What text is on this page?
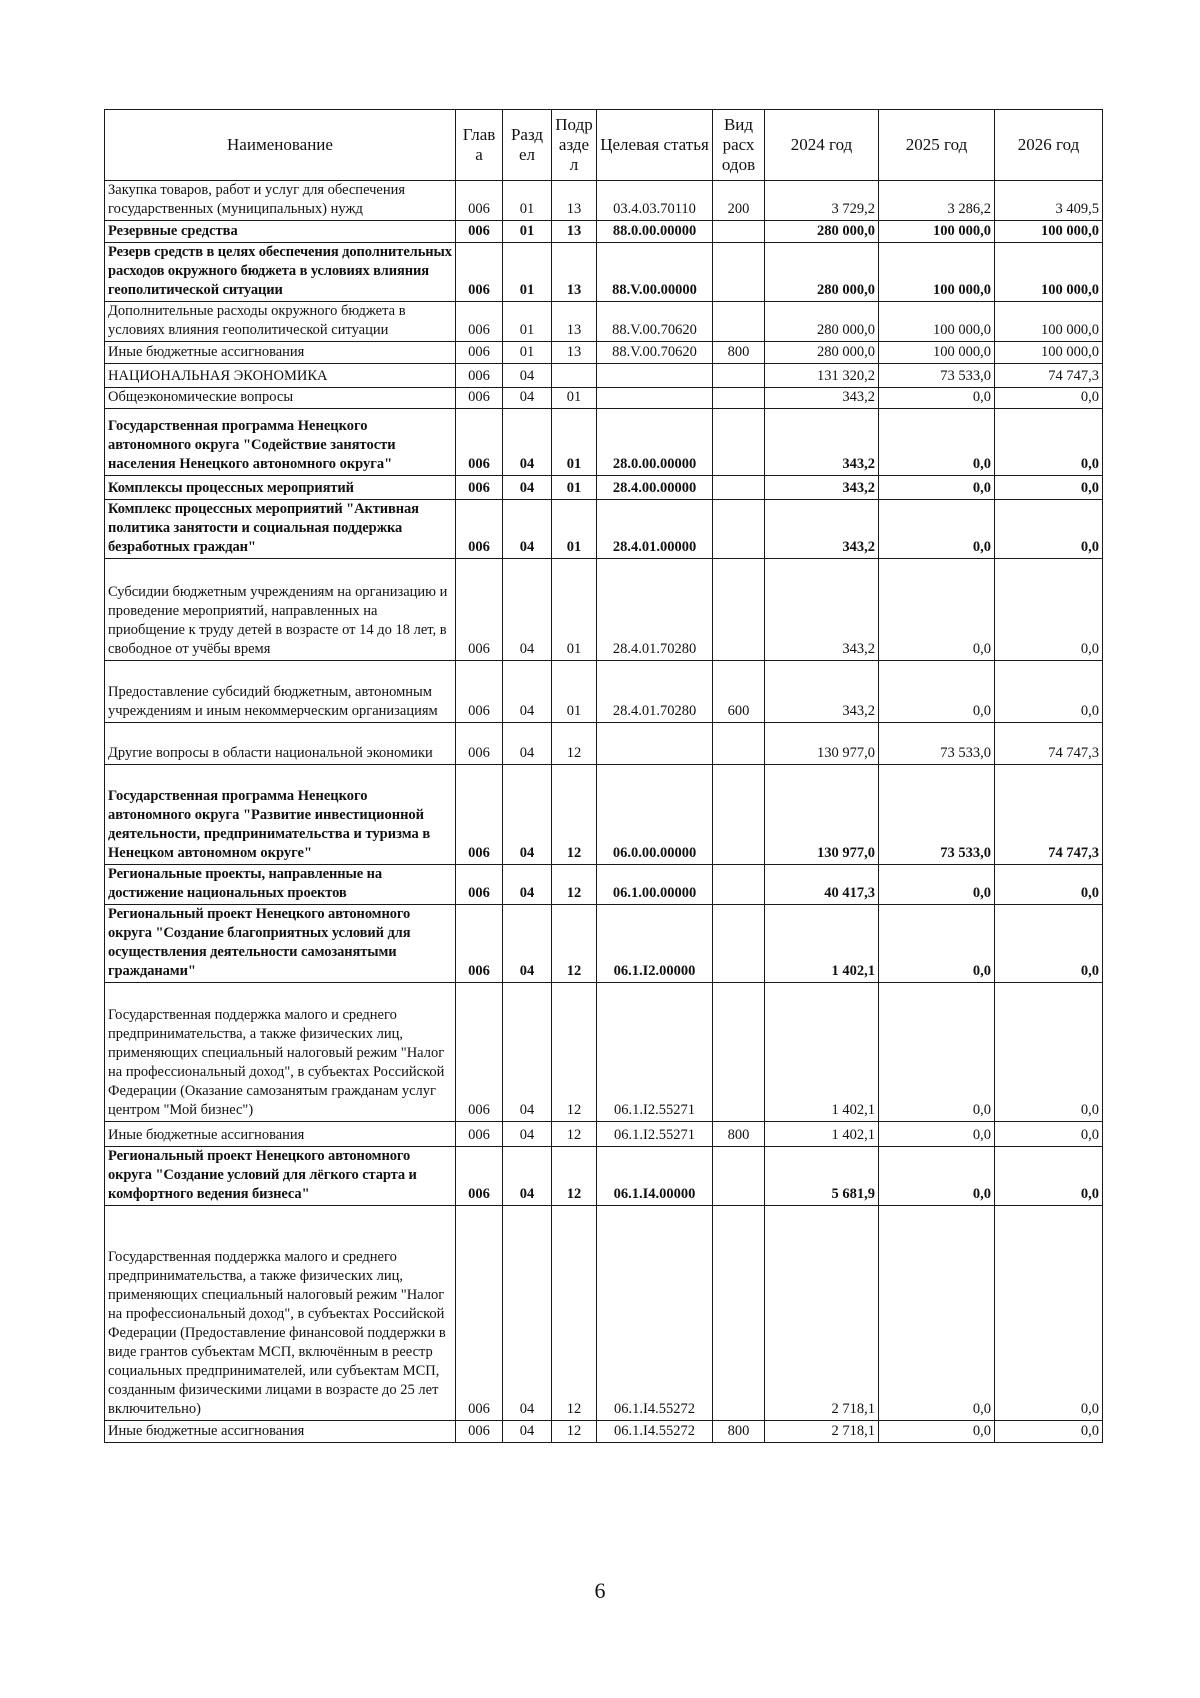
Наименование	Глав а	Разд ел	Подр азде л	Целевая статья	Вид расх одов	2024 год	2025 год	2026 год
Закупка товаров, работ и услуг для обеспечения государственных (муниципальных) нужд	006	01	13	03.4.03.70110	200	3 729,2	3 286,2	3 409,5
Резервные средства	006	01	13	88.0.00.00000		280 000,0	100 000,0	100 000,0
Резерв средств в целях обеспечения дополнительных расходов окружного бюджета в условиях влияния геополитической ситуации	006	01	13	88.V.00.00000		280 000,0	100 000,0	100 000,0
Дополнительные расходы окружного бюджета в условиях влияния геополитической ситуации	006	01	13	88.V.00.70620		280 000,0	100 000,0	100 000,0
Иные бюджетные ассигнования	006	01	13	88.V.00.70620	800	280 000,0	100 000,0	100 000,0
НАЦИОНАЛЬНАЯ ЭКОНОМИКА	006	04				131 320,2	73 533,0	74 747,3
Общеэкономические вопросы	006	04	01			343,2	0,0	0,0
Государственная программа Ненецкого автономного округа "Содействие занятости населения Ненецкого автономного округа"	006	04	01	28.0.00.00000		343,2	0,0	0,0
Комплексы процессных мероприятий	006	04	01	28.4.00.00000		343,2	0,0	0,0
Комплекс процессных мероприятий "Активная политика занятости и социальная поддержка безработных граждан"	006	04	01	28.4.01.00000		343,2	0,0	0,0
Субсидии бюджетным учреждениям на организацию и проведение мероприятий, направленных на приобщение к труду детей в возрасте от 14 до 18 лет, в свободное от учёбы время	006	04	01	28.4.01.70280		343,2	0,0	0,0
Предоставление субсидий бюджетным, автономным учреждениям и иным некоммерческим организациям	006	04	01	28.4.01.70280	600	343,2	0,0	0,0
Другие вопросы в области национальной экономики	006	04	12			130 977,0	73 533,0	74 747,3
Государственная программа Ненецкого автономного округа "Развитие инвестиционной деятельности, предпринимательства и туризма в Ненецком автономном округе"	006	04	12	06.0.00.00000		130 977,0	73 533,0	74 747,3
Региональные проекты, направленные на достижение национальных проектов	006	04	12	06.1.00.00000		40 417,3	0,0	0,0
Региональный проект Ненецкого автономного округа "Создание благоприятных условий для осуществления деятельности самозанятыми гражданами"	006	04	12	06.1.I2.00000		1 402,1	0,0	0,0
Государственная поддержка малого и среднего предпринимательства, а также физических лиц, применяющих специальный налоговый режим "Налог на профессиональный доход", в субъектах Российской Федерации (Оказание самозанятым гражданам услуг центром "Мой бизнес")	006	04	12	06.1.I2.55271		1 402,1	0,0	0,0
Иные бюджетные ассигнования	006	04	12	06.1.I2.55271	800	1 402,1	0,0	0,0
Региональный проект Ненецкого автономного округа "Создание условий для лёгкого старта и комфортного ведения бизнеса"	006	04	12	06.1.I4.00000		5 681,9	0,0	0,0
Государственная поддержка малого и среднего предпринимательства, а также физических лиц, применяющих специальный налоговый режим "Налог на профессиональный доход", в субъектах Российской Федерации (Предоставление финансовой поддержки в виде грантов субъектам МСП, включённым в реестр социальных предпринимателей, или субъектам МСП, созданным физическими лицами в возрасте до 25 лет включительно)	006	04	12	06.1.I4.55272		2 718,1	0,0	0,0
Иные бюджетные ассигнования	006	04	12	06.1.I4.55272	800	2 718,1	0,0	0,0
6
